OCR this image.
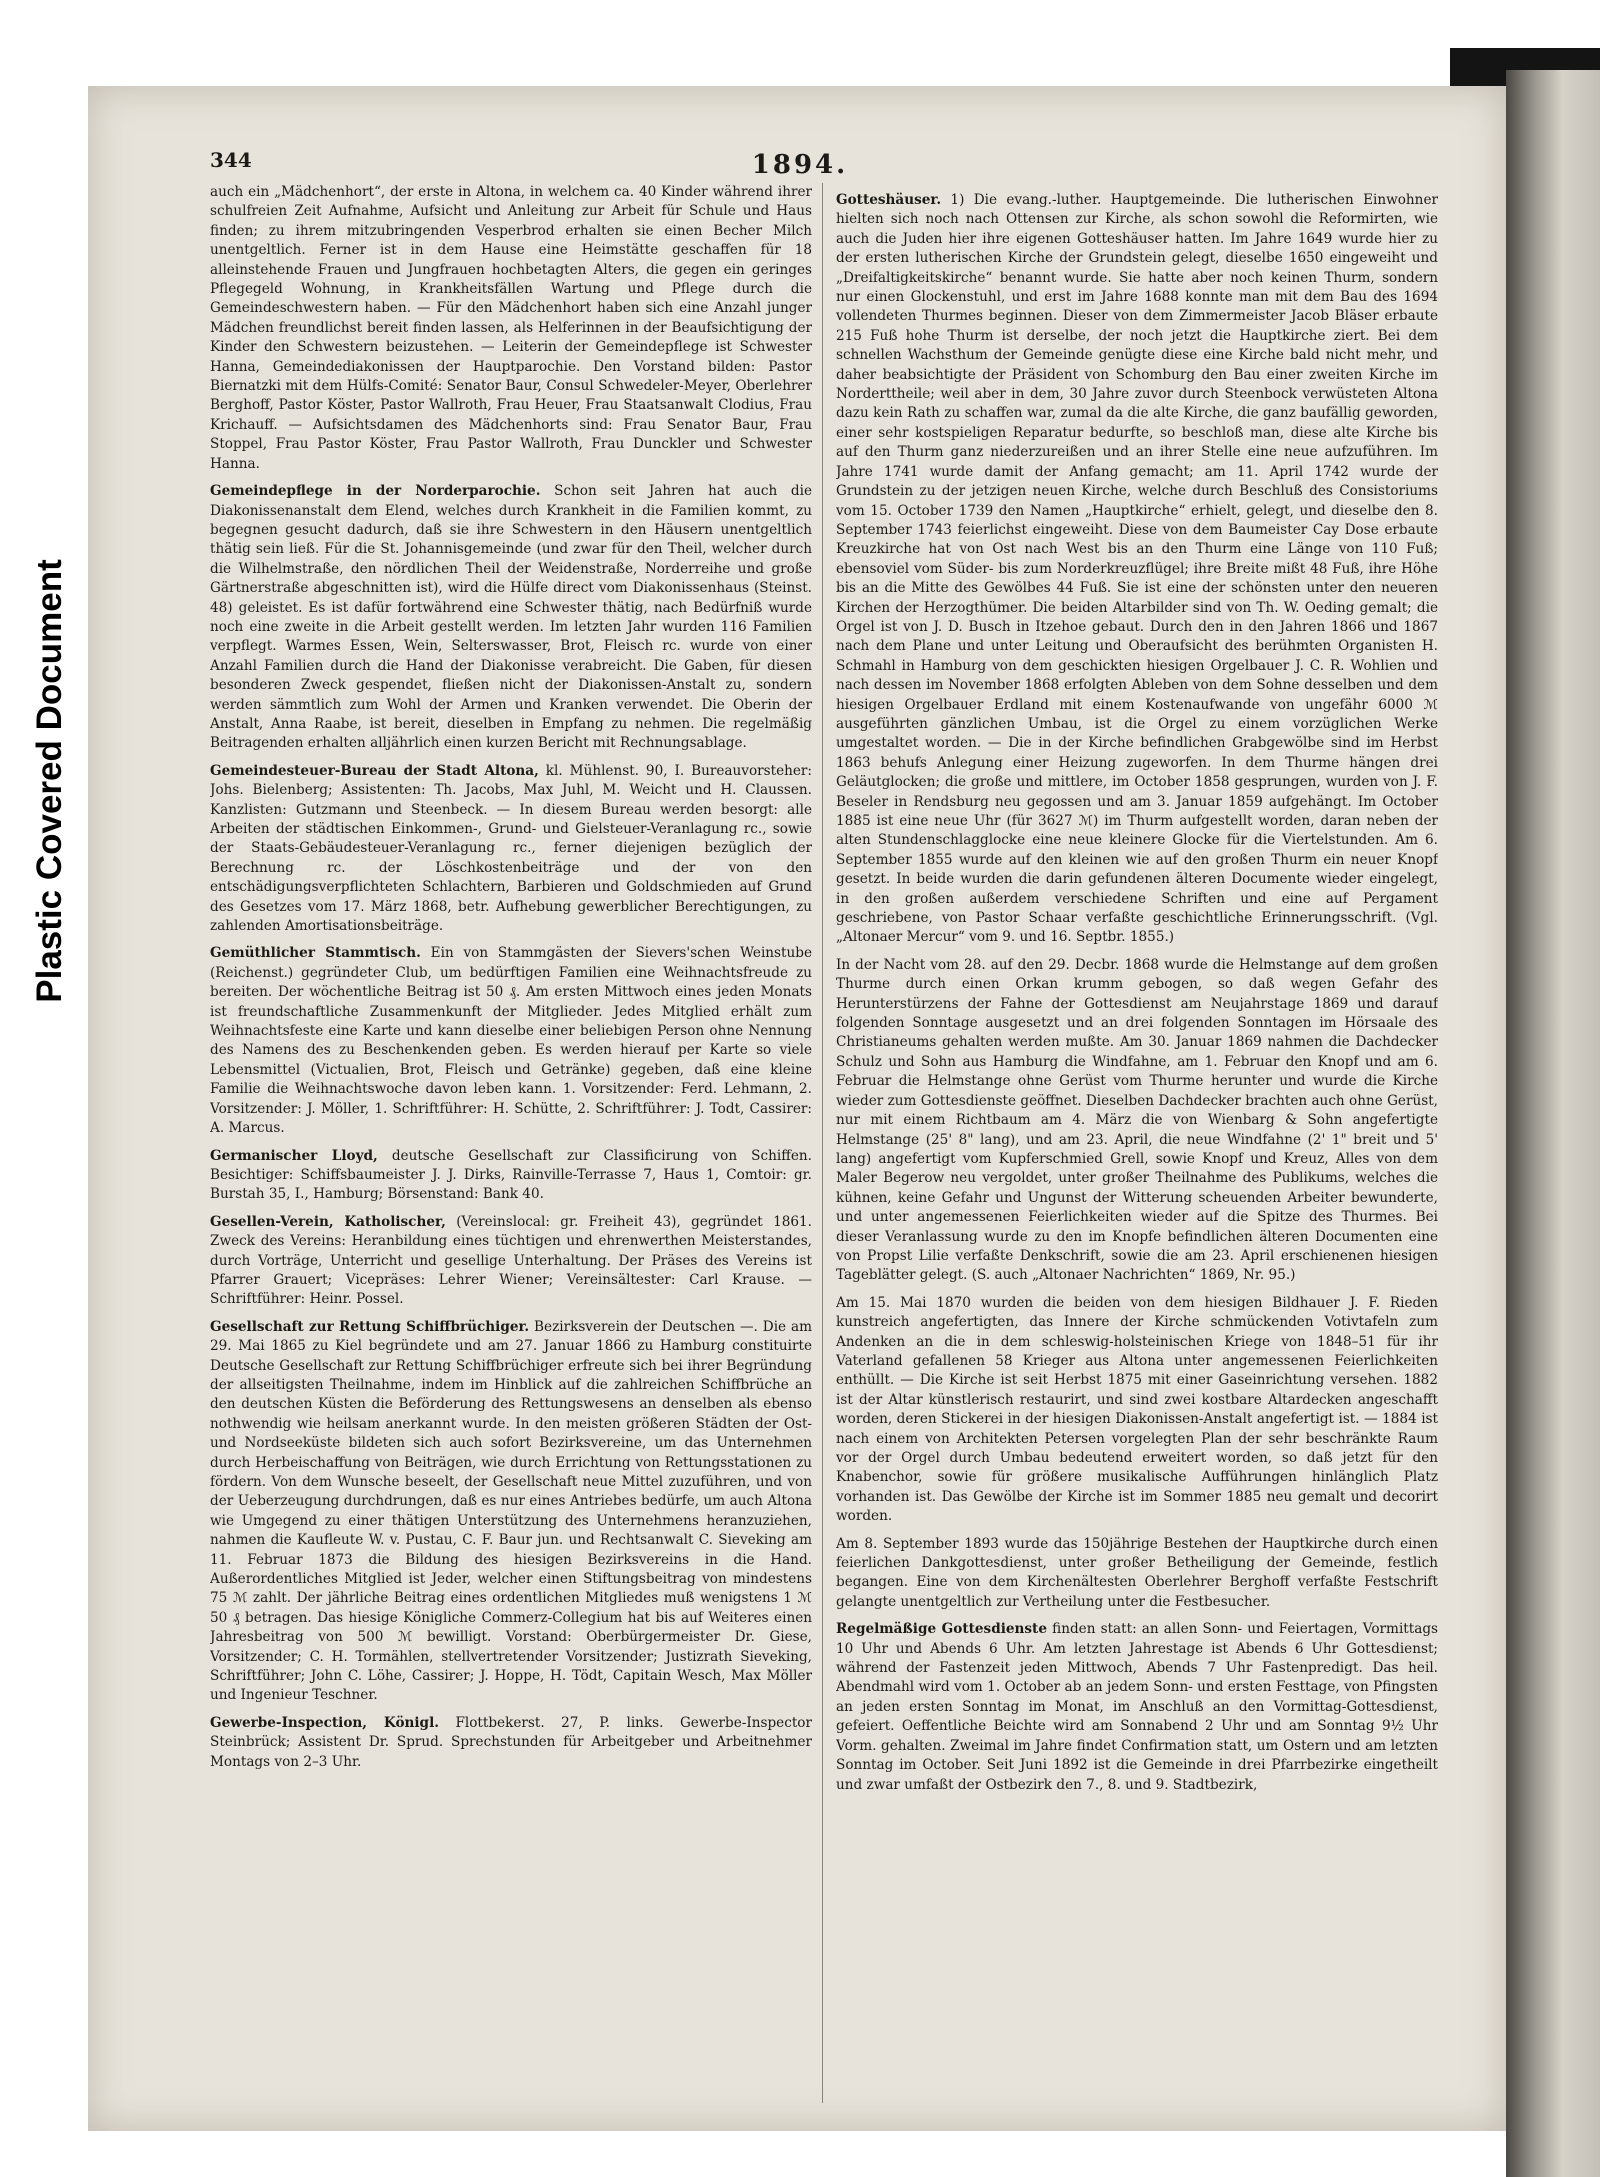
Plastic Covered Document
344	1894.

auch ein „Mädchenhort“, der erste in Altona, in welchem ca. 40 Kinder während ihrer schulfreien Zeit Aufnahme, Aufsicht und Anleitung zur Arbeit für Schule und Haus finden; zu ihrem mitzubringenden Vesperbrod erhalten sie einen Becher Milch unentgeltlich. Ferner ist in dem Hause eine Heimstätte geschaffen für 18 alleinstehende Frauen und Jungfrauen hochbetagten Alters, die gegen ein geringes Pflegegeld Wohnung, in Krankheitsfällen Wartung und Pflege durch die Gemeindeschwestern haben. — Für den Mädchenhort haben sich eine Anzahl junger Mädchen freundlichst bereit finden lassen, als Helferinnen in der Beaufsichtigung der Kinder den Schwestern beizustehen. — Leiterin der Gemeindepflege ist Schwester Hanna, Gemeindediakonissen der Hauptparochie. Den Vorstand bilden: Pastor Biernatzki mit dem Hülfs-Comité: Senator Baur, Consul Schwedeler-Meyer, Oberlehrer Berghoff, Pastor Köster, Pastor Wallroth, Frau Heuer, Frau Staatsanwalt Clodius, Frau Krichauff. — Aufsichtsdamen des Mädchenhorts sind: Frau Senator Baur, Frau Stoppel, Frau Pastor Köster, Frau Pastor Wallroth, Frau Dunckler und Schwester Hanna.

Gemeindepflege in der Norderparochie. Schon seit Jahren hat auch die Diakonissenanstalt dem Elend, welches durch Krankheit in die Familien kommt, zu begegnen gesucht dadurch, daß sie ihre Schwestern in den Häusern unentgeltlich thätig sein ließ. Für die St. Johannisgemeinde (und zwar für den Theil, welcher durch die Wilhelmstraße, den nördlichen Theil der Weidenstraße, Norderreihe und große Gärtnerstraße abgeschnitten ist), wird die Hülfe direct vom Diakonissenhaus (Steinst. 48) geleistet. Es ist dafür fortwährend eine Schwester thätig, nach Bedürfniß wurde noch eine zweite in die Arbeit gestellt werden. Im letzten Jahr wurden 116 Familien verpflegt. Warmes Essen, Wein, Selterswasser, Brot, Fleisch rc. wurde von einer Anzahl Familien durch die Hand der Diakonisse verabreicht. Die Gaben, für diesen besonderen Zweck gespendet, fließen nicht der Diakonissen-Anstalt zu, sondern werden sämmtlich zum Wohl der Armen und Kranken verwendet. Die Oberin der Anstalt, Anna Raabe, ist bereit, dieselben in Empfang zu nehmen. Die regelmäßig Beitragenden erhalten alljährlich einen kurzen Bericht mit Rechnungsablage.

Gemeindesteuer-Bureau der Stadt Altona, kl. Mühlenst. 90, I. Bureauvorsteher: Johs. Bielenberg; Assistenten: Th. Jacobs, Max Juhl, M. Weicht und H. Claussen. Kanzlisten: Gutzmann und Steenbeck. — In diesem Bureau werden besorgt: alle Arbeiten der städtischen Einkommen-, Grund- und Gielsteuer-Veranlagung rc., sowie der Staats-Gebäudesteuer-Veranlagung rc., ferner diejenigen bezüglich der Berechnung rc. der Löschkostenbeiträge und der von den entschädigungsverpflichteten Schlachtern, Barbieren und Goldschmieden auf Grund des Gesetzes vom 17. März 1868, betr. Aufhebung gewerblicher Berechtigungen, zu zahlenden Amortisationsbeiträge.

Gemüthlicher Stammtisch. Ein von Stammgästen der Sievers'schen Weinstube (Reichenst.) gegründeter Club, um bedürftigen Familien eine Weihnachtsfreude zu bereiten. Der wöchentliche Beitrag ist 50 ₰. Am ersten Mittwoch eines jeden Monats ist freundschaftliche Zusammenkunft der Mitglieder. Jedes Mitglied erhält zum Weihnachtsfeste eine Karte und kann dieselbe einer beliebigen Person ohne Nennung des Namens des zu Beschenkenden geben. Es werden hierauf per Karte so viele Lebensmittel (Victualien, Brot, Fleisch und Getränke) gegeben, daß eine kleine Familie die Weihnachtswoche davon leben kann. 1. Vorsitzender: Ferd. Lehmann, 2. Vorsitzender: J. Möller, 1. Schriftführer: H. Schütte, 2. Schriftführer: J. Todt, Cassirer: A. Marcus.

Germanischer Lloyd, deutsche Gesellschaft zur Classificirung von Schiffen. Besichtiger: Schiffsbaumeister J. J. Dirks, Rainville-Terrasse 7, Haus 1, Comtoir: gr. Burstah 35, I., Hamburg; Börsenstand: Bank 40.

Gesellen-Verein, Katholischer, (Vereinslocal: gr. Freiheit 43), gegründet 1861. Zweck des Vereins: Heranbildung eines tüchtigen und ehrenwerthen Meisterstandes, durch Vorträge, Unterricht und gesellige Unterhaltung. Der Präses des Vereins ist Pfarrer Grauert; Vicepräses: Lehrer Wiener; Vereinsältester: Carl Krause. — Schriftführer: Heinr. Possel.

Gesellschaft zur Rettung Schiffbrüchiger. Bezirksverein der Deutschen —. Die am 29. Mai 1865 zu Kiel begründete und am 27. Januar 1866 zu Hamburg constituirte Deutsche Gesellschaft zur Rettung Schiffbrüchiger erfreute sich bei ihrer Begründung der allseitigsten Theilnahme, indem im Hinblick auf die zahlreichen Schiffbrüche an den deutschen Küsten die Beförderung des Rettungswesens an denselben als ebenso nothwendig wie heilsam anerkannt wurde. In den meisten größeren Städten der Ost- und Nordseeküste bildeten sich auch sofort Bezirksvereine, um das Unternehmen durch Herbeischaffung von Beiträgen, wie durch Errichtung von Rettungsstationen zu fördern. Von dem Wunsche beseelt, der Gesellschaft neue Mittel zuzuführen, und von der Ueberzeugung durchdrungen, daß es nur eines Antriebes bedürfe, um auch Altona wie Umgegend zu einer thätigen Unterstützung des Unternehmens heranzuziehen, nahmen die Kaufleute W. v. Pustau, C. F. Baur jun. und Rechtsanwalt C. Sieveking am 11. Februar 1873 die Bildung des hiesigen Bezirksvereins in die Hand. Außerordentliches Mitglied ist Jeder, welcher einen Stiftungsbeitrag von mindestens 75 ℳ zahlt. Der jährliche Beitrag eines ordentlichen Mitgliedes muß wenigstens 1 ℳ 50 ₰ betragen. Das hiesige Königliche Commerz-Collegium hat bis auf Weiteres einen Jahresbeitrag von 500 ℳ bewilligt. Vorstand: Oberbürgermeister Dr. Giese, Vorsitzender; C. H. Tormählen, stellvertretender Vorsitzender; Justizrath Sieveking, Schriftführer; John C. Löhe, Cassirer; J. Hoppe, H. Tödt, Capitain Wesch, Max Möller und Ingenieur Teschner.

Gewerbe-Inspection, Königl. Flottbekerst. 27, P. links. Gewerbe-Inspector Steinbrück; Assistent Dr. Sprud. Sprechstunden für Arbeitgeber und Arbeitnehmer Montags von 2–3 Uhr.

Gotteshäuser. 1) Die evang.-luther. Hauptgemeinde. Die lutherischen Einwohner hielten sich noch nach Ottensen zur Kirche, als schon sowohl die Reformirten, wie auch die Juden hier ihre eigenen Gotteshäuser hatten. Im Jahre 1649 wurde hier zu der ersten lutherischen Kirche der Grundstein gelegt, dieselbe 1650 eingeweiht und „Dreifaltigkeitskirche“ benannt wurde. Sie hatte aber noch keinen Thurm, sondern nur einen Glockenstuhl, und erst im Jahre 1688 konnte man mit dem Bau des 1694 vollendeten Thurmes beginnen. Dieser von dem Zimmermeister Jacob Bläser erbaute 215 Fuß hohe Thurm ist derselbe, der noch jetzt die Hauptkirche ziert. Bei dem schnellen Wachsthum der Gemeinde genügte diese eine Kirche bald nicht mehr, und daher beabsichtigte der Präsident von Schomburg den Bau einer zweiten Kirche im Norderttheile; weil aber in dem, 30 Jahre zuvor durch Steenbock verwüsteten Altona dazu kein Rath zu schaffen war, zumal da die alte Kirche, die ganz baufällig geworden, einer sehr kostspieligen Reparatur bedurfte, so beschloß man, diese alte Kirche bis auf den Thurm ganz niederzureißen und an ihrer Stelle eine neue aufzuführen. Im Jahre 1741 wurde damit der Anfang gemacht; am 11. April 1742 wurde der Grundstein zu der jetzigen neuen Kirche, welche durch Beschluß des Consistoriums vom 15. October 1739 den Namen „Hauptkirche“ erhielt, gelegt, und dieselbe den 8. September 1743 feierlichst eingeweiht. Diese von dem Baumeister Cay Dose erbaute Kreuzkirche hat von Ost nach West bis an den Thurm eine Länge von 110 Fuß; ebensoviel vom Süder- bis zum Norderkreuzflügel; ihre Breite mißt 48 Fuß, ihre Höhe bis an die Mitte des Gewölbes 44 Fuß. Sie ist eine der schönsten unter den neueren Kirchen der Herzogthümer. Die beiden Altarbilder sind von Th. W. Oeding gemalt; die Orgel ist von J. D. Busch in Itzehoe gebaut. Durch den in den Jahren 1866 und 1867 nach dem Plane und unter Leitung und Oberaufsicht des berühmten Organisten H. Schmahl in Hamburg von dem geschickten hiesigen Orgelbauer J. C. R. Wohlien und nach dessen im November 1868 erfolgten Ableben von dem Sohne desselben und dem hiesigen Orgelbauer Erdland mit einem Kostenaufwande von ungefähr 6000 ℳ ausgeführten gänzlichen Umbau, ist die Orgel zu einem vorzüglichen Werke umgestaltet worden. — Die in der Kirche befindlichen Grabgewölbe sind im Herbst 1863 behufs Anlegung einer Heizung zugeworfen. In dem Thurme hängen drei Geläutglocken; die große und mittlere, im October 1858 gesprungen, wurden von J. F. Beseler in Rendsburg neu gegossen und am 3. Januar 1859 aufgehängt. Im October 1885 ist eine neue Uhr (für 3627 ℳ) im Thurm aufgestellt worden, daran neben der alten Stundenschlagglocke eine neue kleinere Glocke für die Viertelstunden. Am 6. September 1855 wurde auf den kleinen wie auf den großen Thurm ein neuer Knopf gesetzt. In beide wurden die darin gefundenen älteren Documente wieder eingelegt, in den großen außerdem verschiedene Schriften und eine auf Pergament geschriebene, von Pastor Schaar verfaßte geschichtliche Erinnerungsschrift. (Vgl. „Altonaer Mercur“ vom 9. und 16. Septbr. 1855.)

In der Nacht vom 28. auf den 29. Decbr. 1868 wurde die Helmstange auf dem großen Thurme durch einen Orkan krumm gebogen, so daß wegen Gefahr des Herunterstürzens der Fahne der Gottesdienst am Neujahrstage 1869 und darauf folgenden Sonntage ausgesetzt und an drei folgenden Sonntagen im Hörsaale des Christianeums gehalten werden mußte. Am 30. Januar 1869 nahmen die Dachdecker Schulz und Sohn aus Hamburg die Windfahne, am 1. Februar den Knopf und am 6. Februar die Helmstange ohne Gerüst vom Thurme herunter und wurde die Kirche wieder zum Gottesdienste geöffnet. Dieselben Dachdecker brachten auch ohne Gerüst, nur mit einem Richtbaum am 4. März die von Wienbarg & Sohn angefertigte Helmstange (25' 8" lang), und am 23. April, die neue Windfahne (2' 1" breit und 5' lang) angefertigt vom Kupferschmied Grell, sowie Knopf und Kreuz, Alles von dem Maler Begerow neu vergoldet, unter großer Theilnahme des Publikums, welches die kühnen, keine Gefahr und Ungunst der Witterung scheuenden Arbeiter bewunderte, und unter angemessenen Feierlichkeiten wieder auf die Spitze des Thurmes. Bei dieser Veranlassung wurde zu den im Knopfe befindlichen älteren Documenten eine von Propst Lilie verfaßte Denkschrift, sowie die am 23. April erschienenen hiesigen Tageblätter gelegt. (S. auch „Altonaer Nachrichten“ 1869, Nr. 95.)

Am 15. Mai 1870 wurden die beiden von dem hiesigen Bildhauer J. F. Rieden kunstreich angefertigten, das Innere der Kirche schmückenden Votivtafeln zum Andenken an die in dem schleswig-holsteinischen Kriege von 1848–51 für ihr Vaterland gefallenen 58 Krieger aus Altona unter angemessenen Feierlichkeiten enthüllt. — Die Kirche ist seit Herbst 1875 mit einer Gaseinrichtung versehen. 1882 ist der Altar künstlerisch restaurirt, und sind zwei kostbare Altardecken angeschafft worden, deren Stickerei in der hiesigen Diakonissen-Anstalt angefertigt ist. — 1884 ist nach einem von Architekten Petersen vorgelegten Plan der sehr beschränkte Raum vor der Orgel durch Umbau bedeutend erweitert worden, so daß jetzt für den Knabenchor, sowie für größere musikalische Aufführungen hinlänglich Platz vorhanden ist. Das Gewölbe der Kirche ist im Sommer 1885 neu gemalt und decorirt worden.

Am 8. September 1893 wurde das 150jährige Bestehen der Hauptkirche durch einen feierlichen Dankgottesdienst, unter großer Betheiligung der Gemeinde, festlich begangen. Eine von dem Kirchenältesten Oberlehrer Berghoff verfaßte Festschrift gelangte unentgeltlich zur Vertheilung unter die Festbesucher.

Regelmäßige Gottesdienste finden statt: an allen Sonn- und Feiertagen, Vormittags 10 Uhr und Abends 6 Uhr. Am letzten Jahrestage ist Abends 6 Uhr Gottesdienst; während der Fastenzeit jeden Mittwoch, Abends 7 Uhr Fastenpredigt. Das heil. Abendmahl wird vom 1. October ab an jedem Sonn- und ersten Festtage, von Pfingsten an jeden ersten Sonntag im Monat, im Anschluß an den Vormittag-Gottesdienst, gefeiert. Oeffentliche Beichte wird am Sonnabend 2 Uhr und am Sonntag 9½ Uhr Vorm. gehalten. Zweimal im Jahre findet Confirmation statt, um Ostern und am letzten Sonntag im October. Seit Juni 1892 ist die Gemeinde in drei Pfarrbezirke eingetheilt und zwar umfaßt der Ostbezirk den 7., 8. und 9. Stadtbezirk,
